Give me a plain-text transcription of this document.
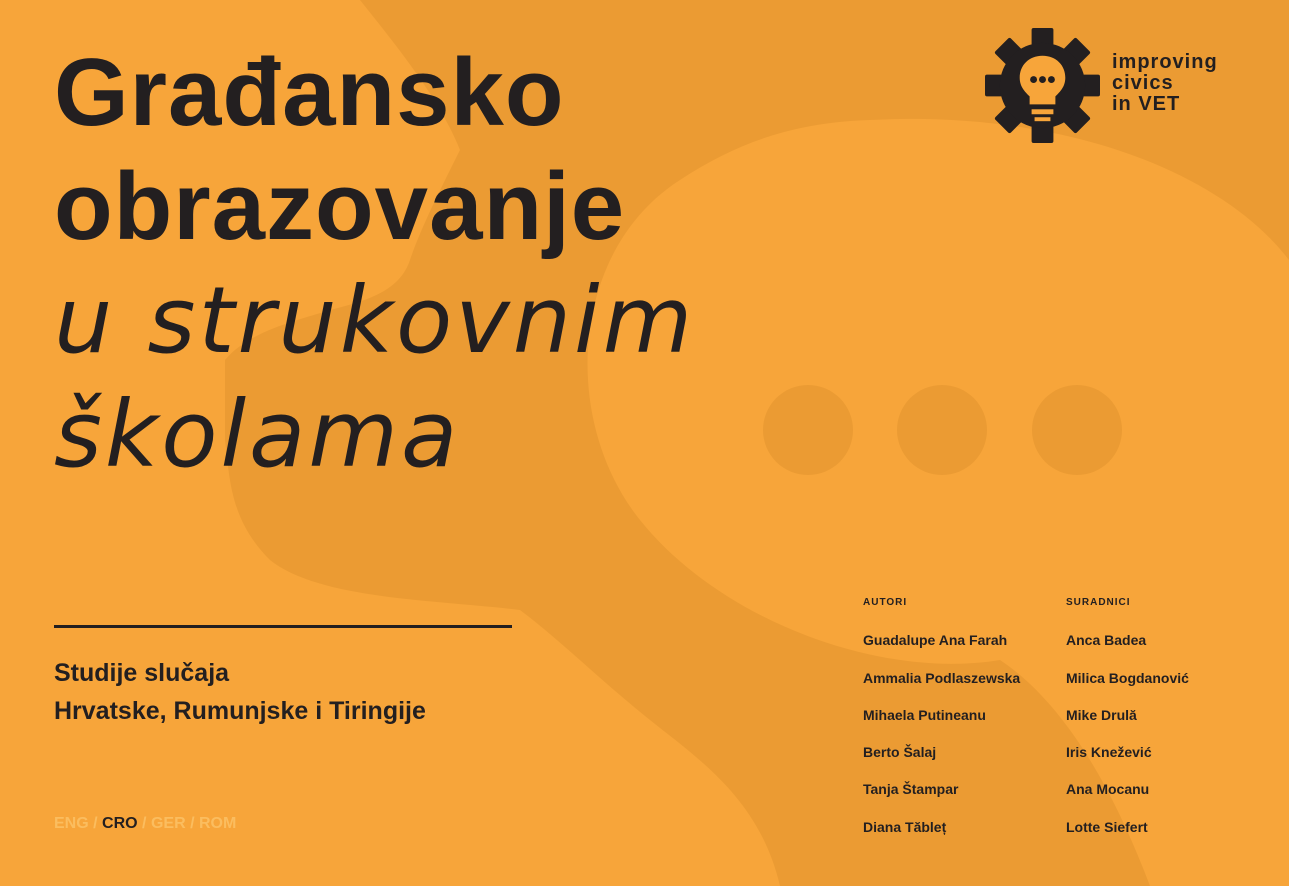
Građansko
obrazovanje
u strukovnim
školama
Studije slučaja
Hrvatske, Rumunjske i Tiringije
ENG / CRO / GER / ROM
AUTORI
Guadalupe Ana Farah
Ammalia Podlaszewska
Mihaela Putineanu
Berto Šalaj
Tanja Štampar
Diana Tăbleț
SURADNICI
Anca Badea
Milica Bogdanović
Mike Drulă
Iris Knežević
Ana Mocanu
Lotte Siefert
improving
civics
in VET
